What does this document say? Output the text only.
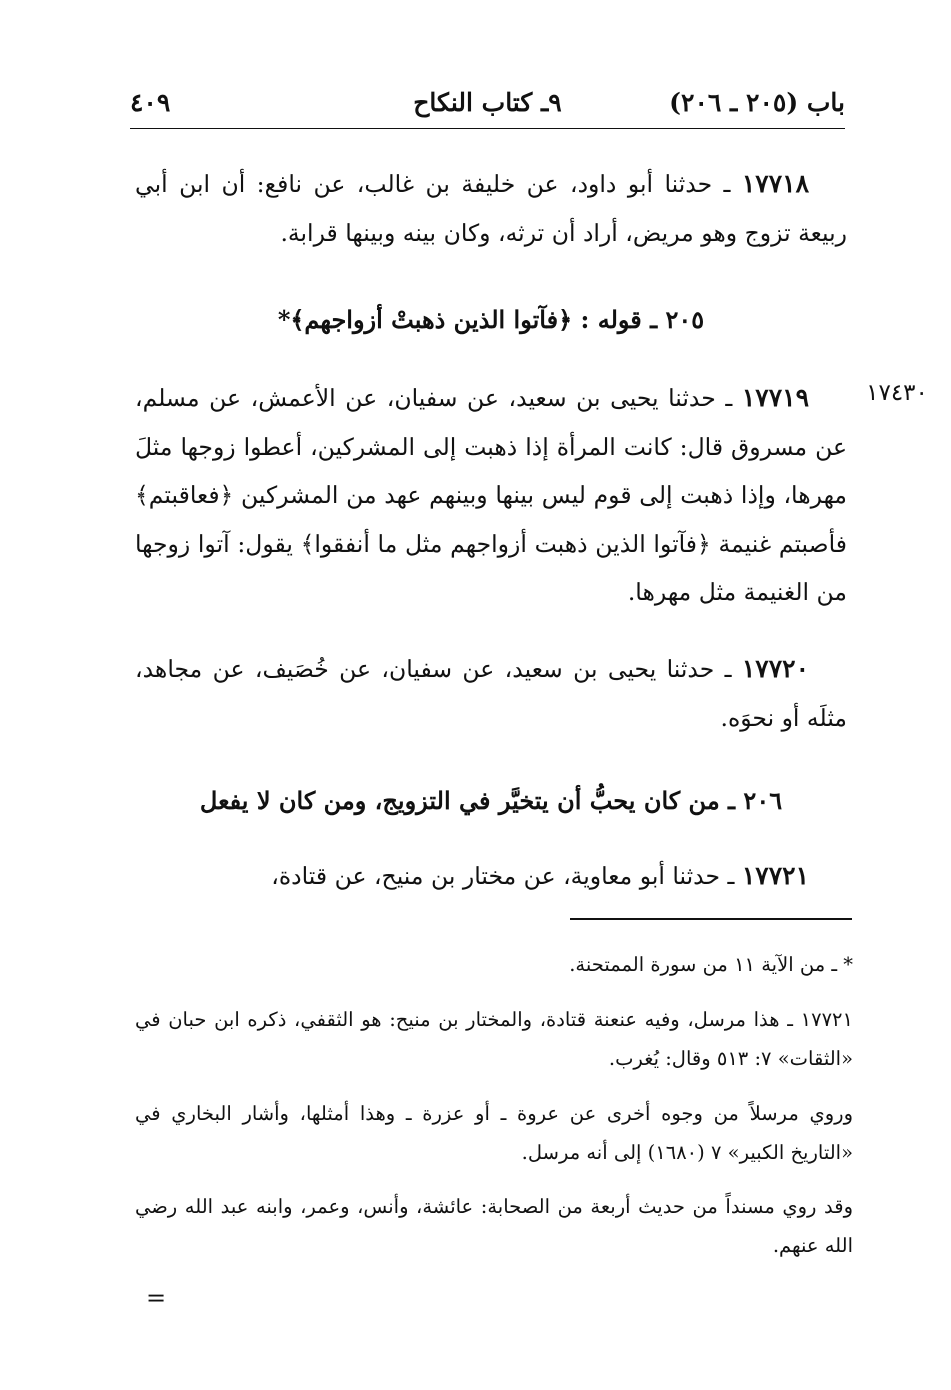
باب (٢٠٥ ـ ٢٠٦)
٩ـ كتاب النكاح
٤٠٩
١٧٧١٨ ـ حدثنا أبو داود، عن خليفة بن غالب، عن نافع: أن ابن أبي ربيعة تزوج وهو مريض، أراد أن ترثه، وكان بينه وبينها قرابة.
٢٠٥ ـ قوله : ﴿فآتوا الذين ذهبتْ أزواجهم﴾*
١٧٤٣٠
١٧٧١٩ ـ حدثنا يحيى بن سعيد، عن سفيان، عن الأعمش، عن مسلم، عن مسروق قال: كانت المرأة إذا ذهبت إلى المشركين، أعطوا زوجها مثلَ مهرها، وإذا ذهبت إلى قوم ليس بينها وبينهم عهد من المشركين ﴿فعاقبتم﴾ فأصبتم غنيمة ﴿فآتوا الذين ذهبت أزواجهم مثل ما أنفقوا﴾ يقول: آتوا زوجها من الغنيمة مثل مهرها.
١٧٧٢٠ ـ حدثنا يحيى بن سعيد، عن سفيان، عن خُصَيف، عن مجاهد، مثلَه أو نحوَه.
٢٠٦ ـ من كان يحبُّ أن يتخيَّر في التزويج، ومن كان لا يفعل
١٧٧٢١ ـ حدثنا أبو معاوية، عن مختار بن منيح، عن قتادة،
* ـ من الآية ١١ من سورة الممتحنة.
١٧٧٢١ ـ هذا مرسل، وفيه عنعنة قتادة، والمختار بن منيح: هو الثقفي، ذكره ابن حبان في «الثقات» ٧: ٥١٣ وقال: يُغرب.
وروي مرسلاً من وجوه أخرى عن عروة ـ أو عزرة ـ وهذا أمثلها، وأشار البخاري في «التاريخ الكبير» ٧ (١٦٨٠) إلى أنه مرسل.
وقد روي مسنداً من حديث أربعة من الصحابة: عائشة، وأنس، وعمر، وابنه عبد الله رضي الله عنهم.
=
